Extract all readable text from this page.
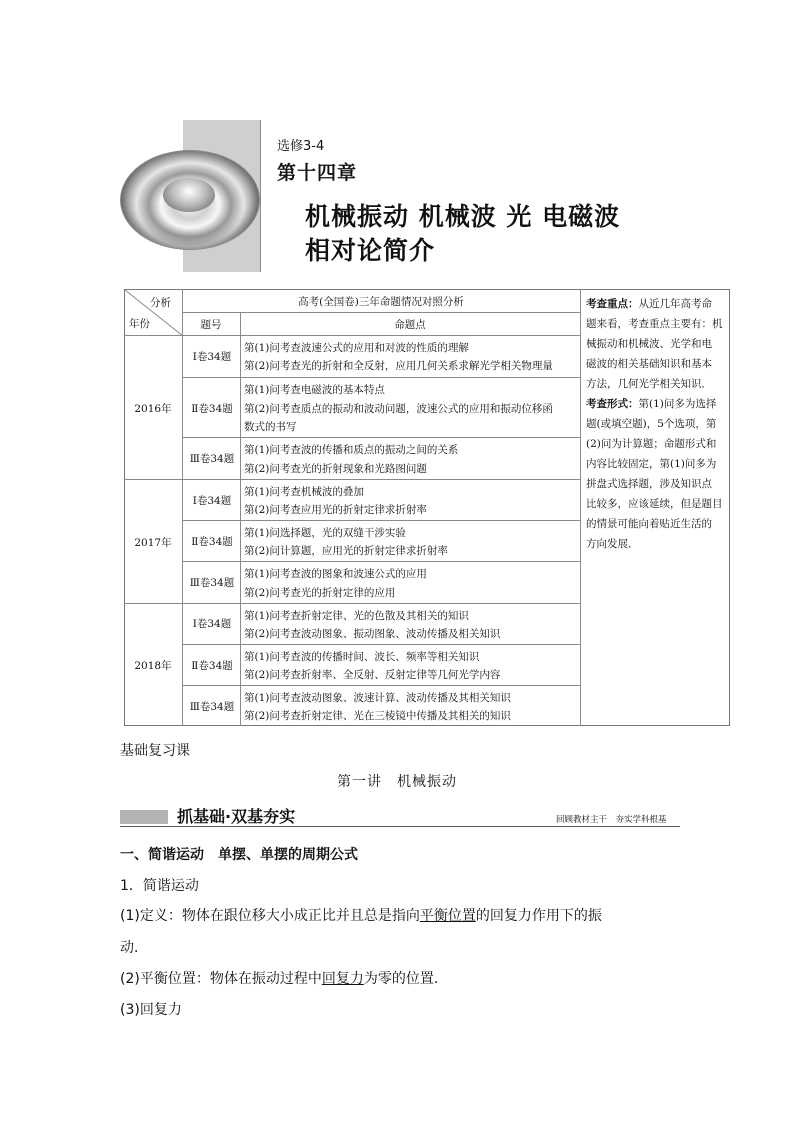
选修3-4
第十四章
机械振动 机械波 光 电磁波
相对论简介
分析
年份
高考(全国卷)三年命题情况对照分析
题号	命题点
2016年
2017年
2018年
Ⅰ卷34题
Ⅱ卷34题
Ⅲ卷34题
Ⅰ卷34题
Ⅱ卷34题
Ⅲ卷34题
Ⅰ卷34题
Ⅱ卷34题
Ⅲ卷34题
第(1)问考查波速公式的应用和对波的性质的理解
第(2)问考查光的折射和全反射，应用几何关系求解光学相关物理量
第(1)问考查电磁波的基本特点
第(2)问考查质点的振动和波动问题，波速公式的应用和振动位移函
数式的书写
第(1)问考查波的传播和质点的振动之间的关系
第(2)问考查光的折射现象和光路图问题
第(1)问考查机械波的叠加
第(2)问考查应用光的折射定律求折射率
第(1)问选择题，光的双缝干涉实验
第(2)问计算题，应用光的折射定律求折射率
第(1)问考查波的图象和波速公式的应用
第(2)问考查光的折射定律的应用
第(1)问考查折射定律、光的色散及其相关的知识
第(2)问考查波动图象、振动图象、波动传播及相关知识
第(1)问考查波的传播时间、波长、频率等相关知识
第(2)问考查折射率、全反射、反射定律等几何光学内容
第(1)问考查波动图象、波速计算、波动传播及其相关知识
第(2)问考查折射定律、光在三棱镜中传播及其相关的知识
考查重点：从近几年高考命
题来看，考查重点主要有：机
械振动和机械波、光学和电
磁波的相关基础知识和基本
方法，几何光学相关知识．
考查形式：第(1)问多为选择
题(或填空题)，5个选项，第
(2)问为计算题；命题形式和
内容比较固定，第(1)问多为
拼盘式选择题，涉及知识点
比较多，应该延续，但是题目
的情景可能向着贴近生活的
方向发展．
基础复习课
第一讲　机械振动
抓基础·双基夯实	回顾教材主干　夯实学科根基
一、简谐运动　单摆、单摆的周期公式
1．简谐运动
(1)定义：物体在跟位移大小成正比并且总是指向平衡位置的回复力作用下的振
动．
(2)平衡位置：物体在振动过程中回复力为零的位置．
(3)回复力
